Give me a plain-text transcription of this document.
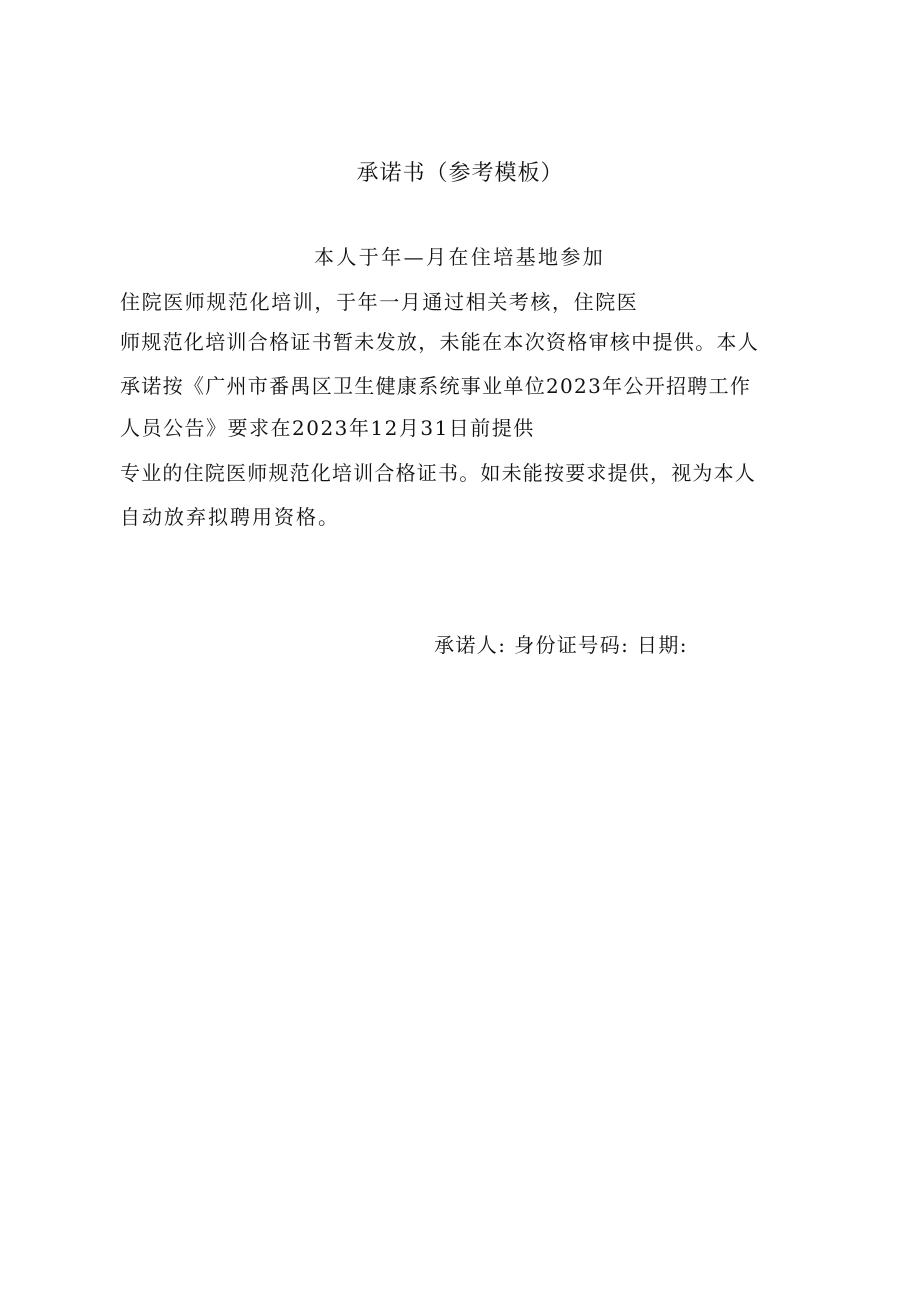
承诺书（参考模板）
本人于年—月在住培基地参加
住院医师规范化培训，于年一月通过相关考核，住院医
师规范化培训合格证书暂未发放，未能在本次资格审核中提供。本人
承诺按《广州市番禺区卫生健康系统事业单位2023年公开招聘工作
人员公告》要求在2023年12月31日前提供
专业的住院医师规范化培训合格证书。如未能按要求提供，视为本人
自动放弃拟聘用资格。
承诺人: 身份证号码: 日期:
